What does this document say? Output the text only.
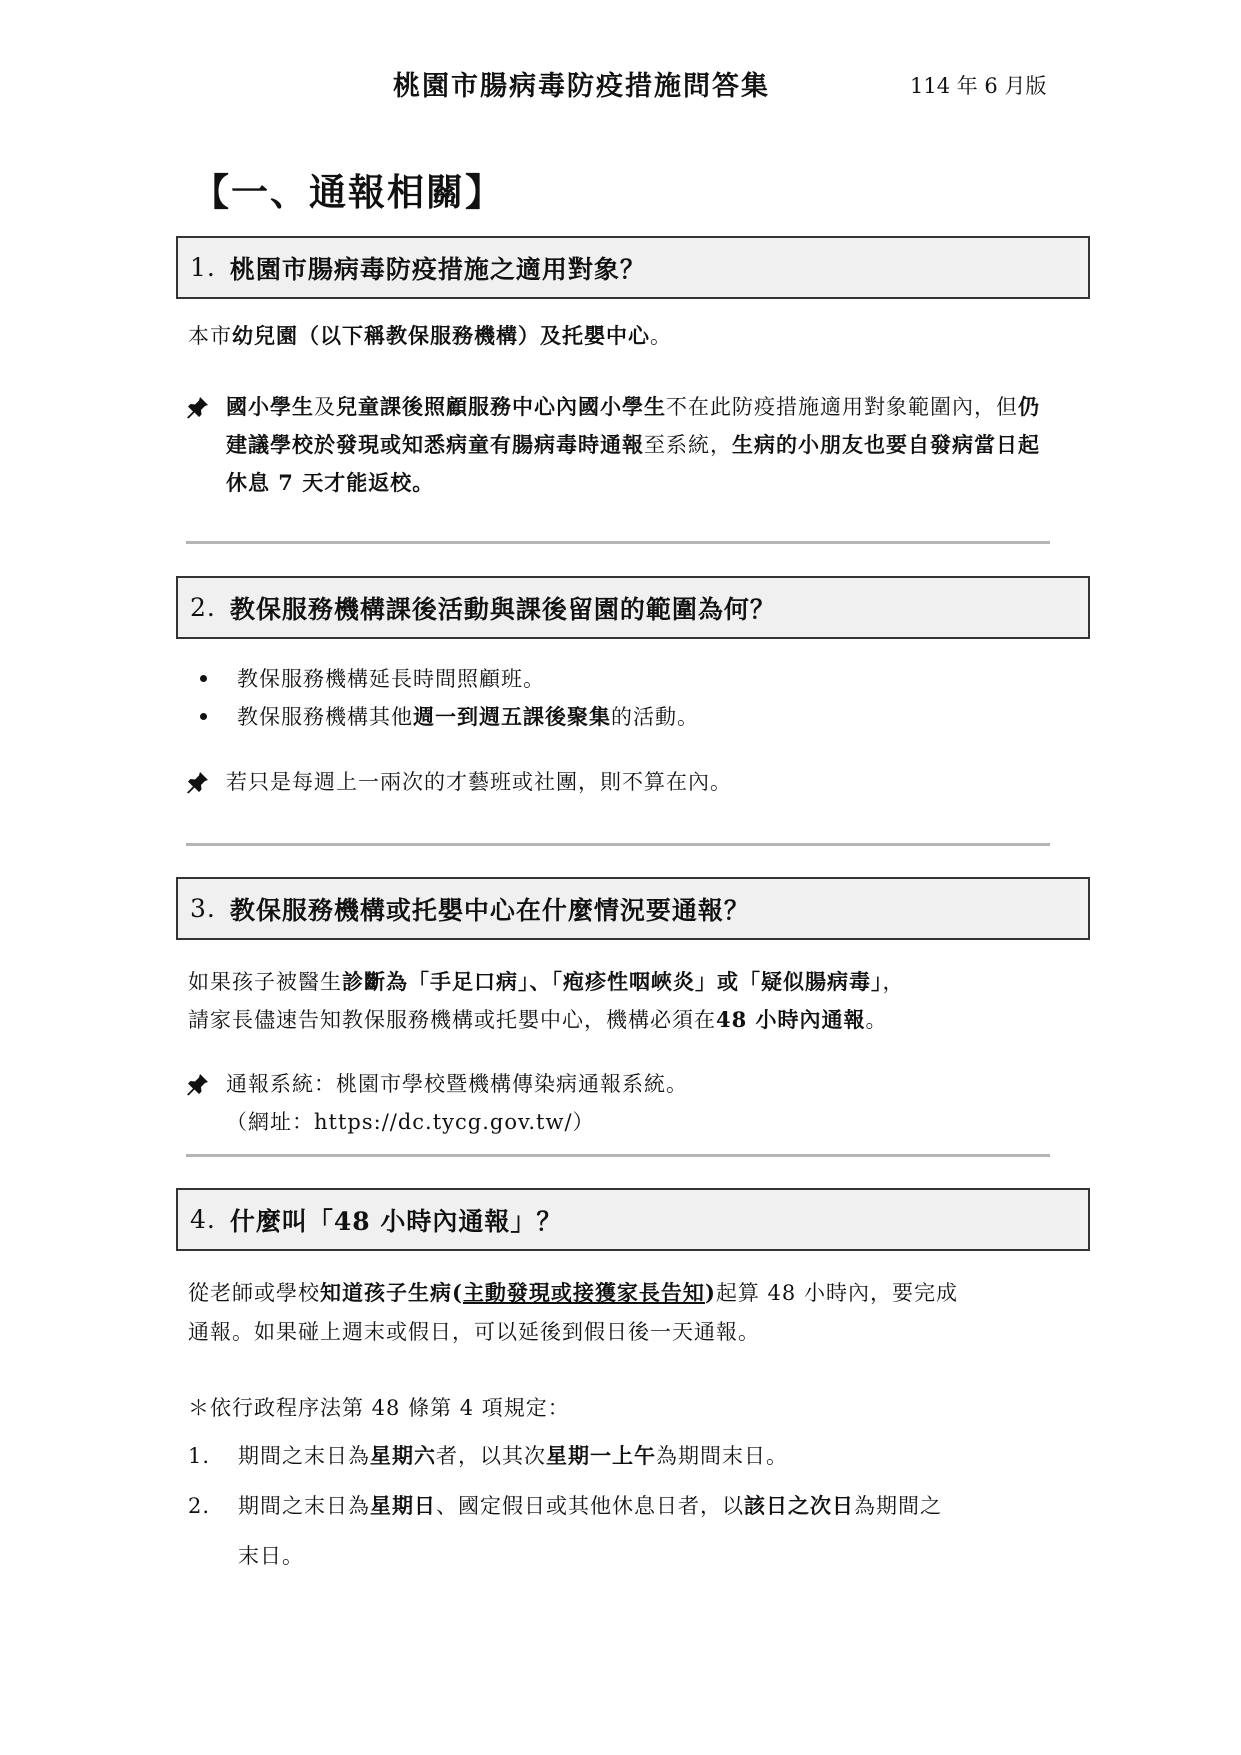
桃園市腸病毒防疫措施問答集	114 年 6 月版
【一、通報相關】
1. 桃園市腸病毒防疫措施之適用對象？
本市幼兒園（以下稱教保服務機構）及托嬰中心。
國小學生及兒童課後照顧服務中心內國小學生不在此防疫措施適用對象範圍內，但仍建議學校於發現或知悉病童有腸病毒時通報至系統，生病的小朋友也要自發病當日起休息 7 天才能返校。
2. 教保服務機構課後活動與課後留園的範圍為何？
教保服務機構延長時間照顧班。
教保服務機構其他週一到週五課後聚集的活動。
若只是每週上一兩次的才藝班或社團，則不算在內。
3. 教保服務機構或托嬰中心在什麼情況要通報？
如果孩子被醫生診斷為「手足口病」、「疱疹性咽峽炎」或「疑似腸病毒」，
請家長儘速告知教保服務機構或托嬰中心，機構必須在48 小時內通報。
通報系統：桃園市學校暨機構傳染病通報系統。
（網址：https://dc.tycg.gov.tw/）
4. 什麼叫「48 小時內通報」？
從老師或學校知道孩子生病(主動發現或接獲家長告知)起算 48 小時內，要完成
通報。如果碰上週末或假日，可以延後到假日後一天通報。
＊依行政程序法第 48 條第 4 項規定：
1. 期間之末日為星期六者，以其次星期一上午為期間末日。
2. 期間之末日為星期日、國定假日或其他休息日者，以該日之次日為期間之
末日。
